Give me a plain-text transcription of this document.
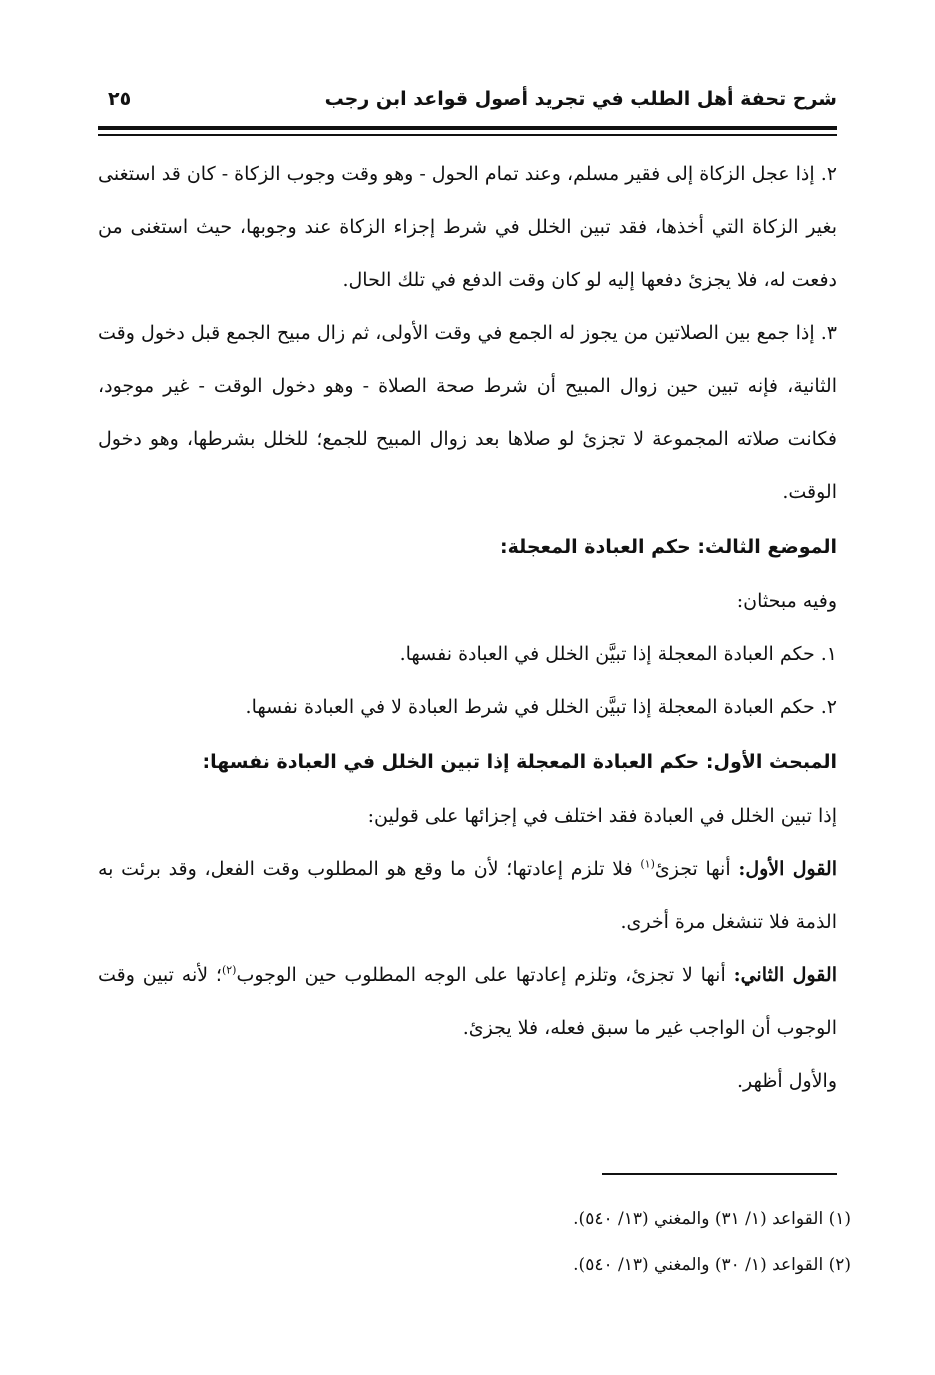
شرح تحفة أهل الطلب في تجريد أصول قواعد ابن رجب
٢٥

٢. إذا عجل الزكاة إلى فقير مسلم، وعند تمام الحول - وهو وقت وجوب الزكاة - كان قد استغنى بغير الزكاة التي أخذها، فقد تبين الخلل في شرط إجزاء الزكاة عند وجوبها، حيث استغنى من دفعت له، فلا يجزئ دفعها إليه لو كان وقت الدفع في تلك الحال.

٣. إذا جمع بين الصلاتين من يجوز له الجمع في وقت الأولى، ثم زال مبيح الجمع قبل دخول وقت الثانية، فإنه تبين حين زوال المبيح أن شرط صحة الصلاة - وهو دخول الوقت - غير موجود، فكانت صلاته المجموعة لا تجزئ لو صلاها بعد زوال المبيح للجمع؛ للخلل بشرطها، وهو دخول الوقت.

الموضع الثالث: حكم العبادة المعجلة:

وفيه مبحثان:

١. حكم العبادة المعجلة إذا تبيَّن الخلل في العبادة نفسها.

٢. حكم العبادة المعجلة إذا تبيَّن الخلل في شرط العبادة لا في العبادة نفسها.

المبحث الأول: حكم العبادة المعجلة إذا تبين الخلل في العبادة نفسها:

إذا تبين الخلل في العبادة فقد اختلف في إجزائها على قولين:

القول الأول: أنها تجزئ$^{(١)}$ فلا تلزم إعادتها؛ لأن ما وقع هو المطلوب وقت الفعل، وقد برئت به الذمة فلا تنشغل مرة أخرى.

القول الثاني: أنها لا تجزئ، وتلزم إعادتها على الوجه المطلوب حين الوجوب$^{(٢)}$؛ لأنه تبين وقت الوجوب أن الواجب غير ما سبق فعله، فلا يجزئ.

والأول أظهر.

(١) القواعد (١/ ٣١) والمغني (١٣/ ٥٤٠).

(٢) القواعد (١/ ٣٠) والمغني (١٣/ ٥٤٠).
